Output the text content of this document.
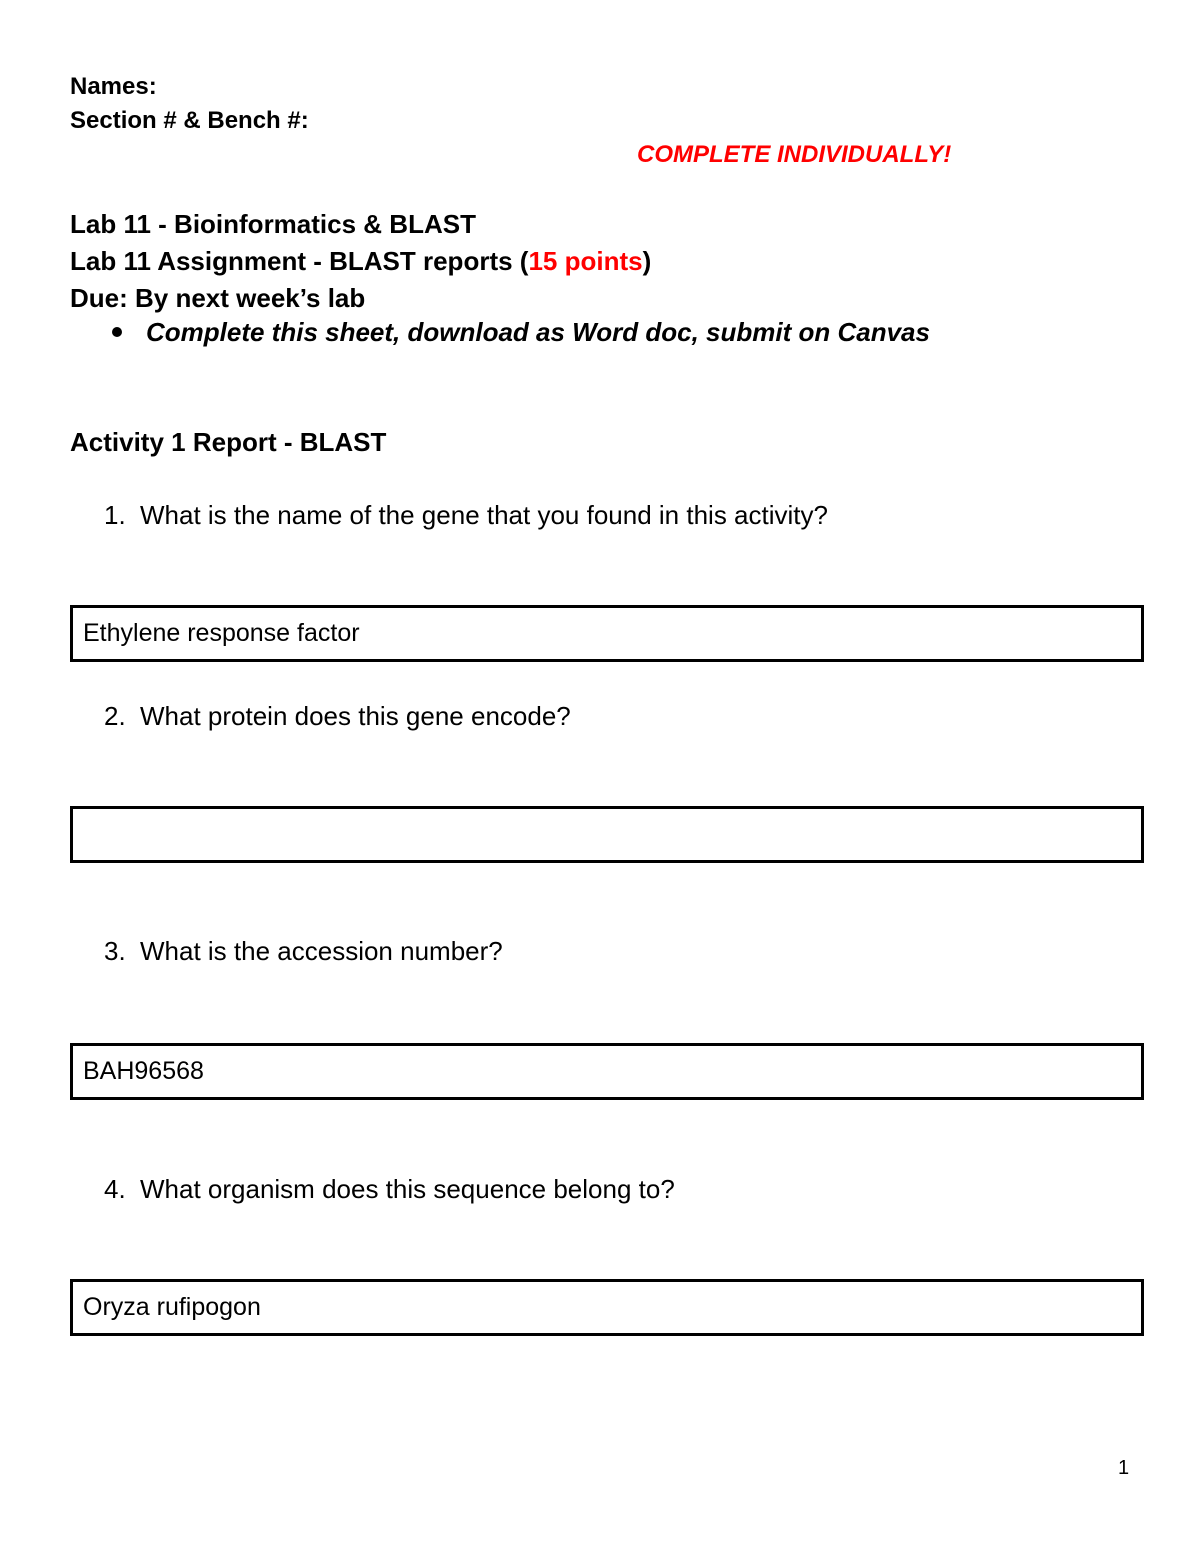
Names:
Section # & Bench #:
COMPLETE INDIVIDUALLY!
Lab 11 - Bioinformatics & BLAST
Lab 11 Assignment - BLAST reports (15 points)
Due: By next week’s lab
Complete this sheet, download as Word doc, submit on Canvas
Activity 1 Report - BLAST
1. What is the name of the gene that you found in this activity?
Ethylene response factor
2. What protein does this gene encode?
3. What is the accession number?
BAH96568
4. What organism does this sequence belong to?
Oryza rufipogon
1
